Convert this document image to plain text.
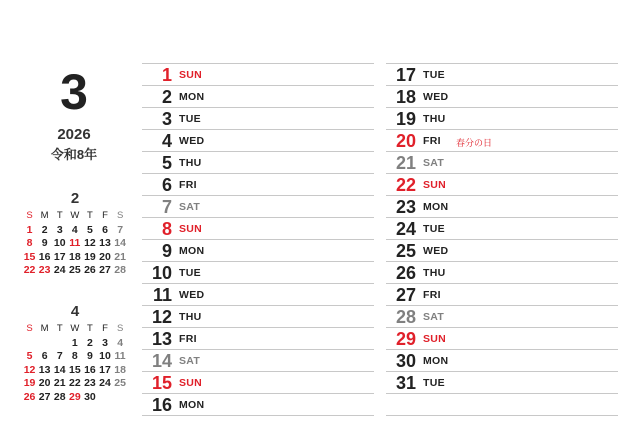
3
2026
令和8年
2
S M T W T F S
1 2 3 4 5 6 7
8 9 10 11 12 13 14
15 16 17 18 19 20 21
22 23 24 25 26 27 28
4
S M T W T F S
1 2 3 4
5 6 7 8 9 10 11
12 13 14 15 16 17 18
19 20 21 22 23 24 25
26 27 28 29 30
1 SUN
2 MON
3 TUE
4 WED
5 THU
6 FRI
7 SAT
8 SUN
9 MON
10 TUE
11 WED
12 THU
13 FRI
14 SAT
15 SUN
16 MON
17 TUE
18 WED
19 THU
20 FRI 春分の日
21 SAT
22 SUN
23 MON
24 TUE
25 WED
26 THU
27 FRI
28 SAT
29 SUN
30 MON
31 TUE
